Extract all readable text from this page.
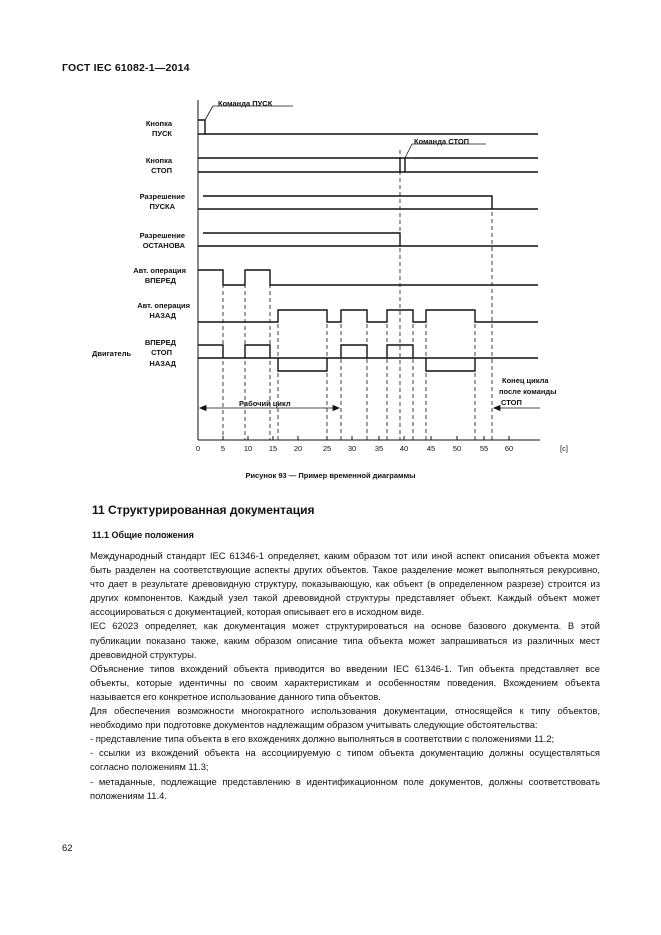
ГОСТ IEC 61082-1—2014
Кнопка
ПУСК
Кнопка
СТОП
Разрешение
ПУСКА
Разрешение
ОСТАНОВА
Авт. операция
ВПЕРЕД
Авт. операция
НАЗАД
ВПЕРЕД
СТОП
НАЗАД
Двигатель
Команда ПУСК
Команда СТОП
Рабочий цикл
Конец цикла
после команды
СТОП
0	5 10 15 20	25 30 35 40 45 50 55 60	[c]
Рисунок 93 — Пример временной диаграммы
11 Структурированная документация
11.1 Общие положения

Международный стандарт IEC 61346-1 определяет, каким образом тот или иной аспект описания объекта может быть разделен на соответствующие аспекты других объектов. Такое разделение может выполняться рекурсивно, что дает в результате древовидную структуру, показывающую, как объект (в определенном разрезе) строится из других компонентов. Каждый узел такой древовидной структуры представляет объект. Каждый объект может ассоциироваться с документацией, которая описывает его в исходном виде.

IEC 62023 определяет, как документация может структурироваться на основе базового документа. В этой публикации показано также, каким образом описание типа объекта может запрашиваться из различных мест древовидной структуры.

Объяснение типов вхождений объекта приводится во введении IEC 61346-1. Тип объекта представляет все объекты, которые идентичны по своим характеристикам и особенностям поведения. Вхождением объекта называется его конкретное использование данного типа объектов.

Для обеспечения возможности многократного использования документации, относящейся к типу объектов, необходимо при подготовке документов надлежащим образом учитывать следующие обстоятельства:

- представление типа объекта в его вхождениях должно выполняться в соответствии с положениями 11.2;

- ссылки из вхождений объекта на ассоциируемую с типом объекта документацию должны осуществляться согласно положениям 11.3;

- метаданные, подлежащие представлению в идентификационном поле документов, должны соответствовать положениям 11.4.

62
